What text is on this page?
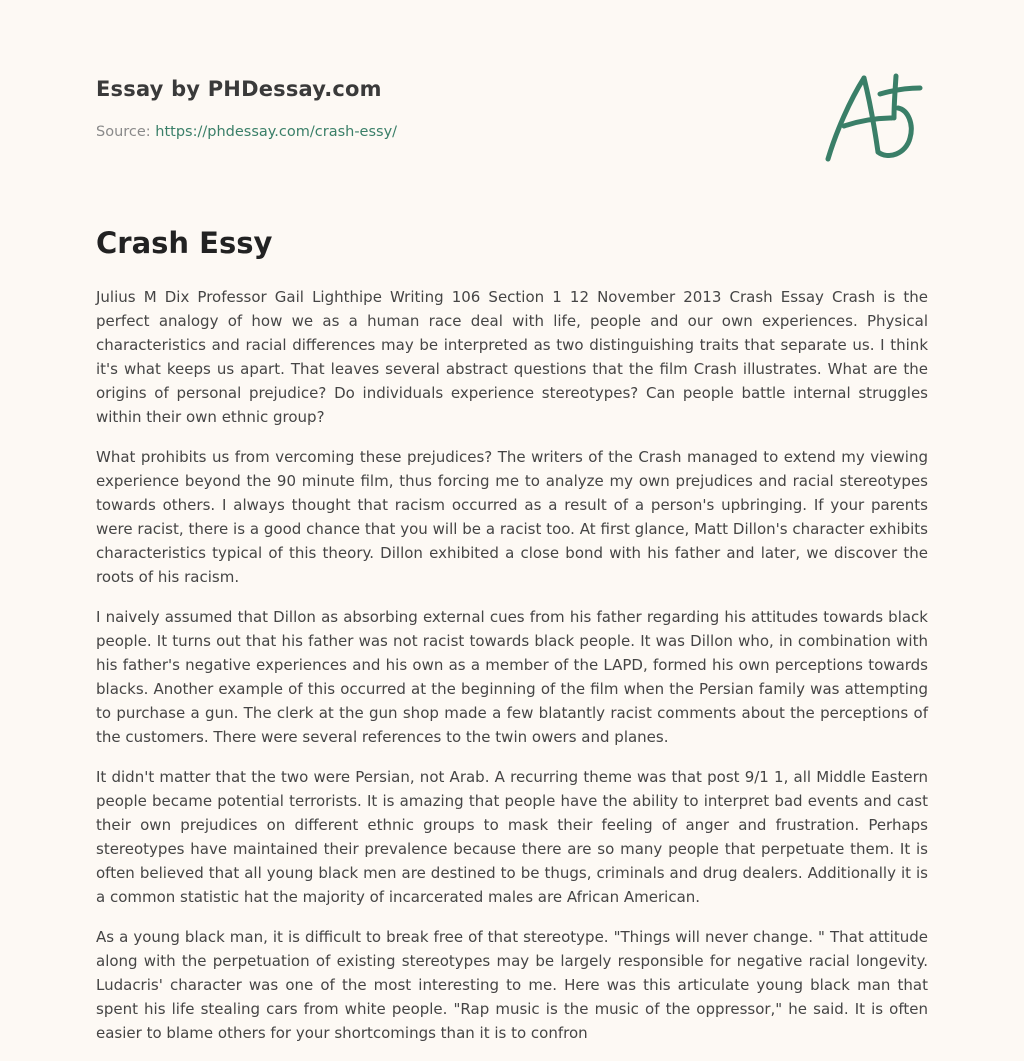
Essay by PHDessay.com
Source: https://phdessay.com/crash-essy/
Crash Essy

Julius M Dix Professor Gail Lighthipe Writing 106 Section 1 12 November 2013 Crash Essay Crash is the perfect analogy of how we as a human race deal with life, people and our own experiences. Physical characteristics and racial differences may be interpreted as two distinguishing traits that separate us. I think it's what keeps us apart. That leaves several abstract questions that the film Crash illustrates. What are the origins of personal prejudice? Do individuals experience stereotypes? Can people battle internal struggles within their own ethnic group?

What prohibits us from vercoming these prejudices? The writers of the Crash managed to extend my viewing experience beyond the 90 minute film, thus forcing me to analyze my own prejudices and racial stereotypes towards others. I always thought that racism occurred as a result of a person's upbringing. If your parents were racist, there is a good chance that you will be a racist too. At first glance, Matt Dillon's character exhibits characteristics typical of this theory. Dillon exhibited a close bond with his father and later, we discover the roots of his racism.

I naively assumed that Dillon as absorbing external cues from his father regarding his attitudes towards black people. It turns out that his father was not racist towards black people. It was Dillon who, in combination with his father's negative experiences and his own as a member of the LAPD, formed his own perceptions towards blacks. Another example of this occurred at the beginning of the film when the Persian family was attempting to purchase a gun. The clerk at the gun shop made a few blatantly racist comments about the perceptions of the customers. There were several references to the twin owers and planes.

It didn't matter that the two were Persian, not Arab. A recurring theme was that post 9/1 1, all Middle Eastern people became potential terrorists. It is amazing that people have the ability to interpret bad events and cast their own prejudices on different ethnic groups to mask their feeling of anger and frustration. Perhaps stereotypes have maintained their prevalence because there are so many people that perpetuate them. It is often believed that all young black men are destined to be thugs, criminals and drug dealers. Additionally it is a common statistic hat the majority of incarcerated males are African American.

As a young black man, it is difficult to break free of that stereotype. "Things will never change. " That attitude along with the perpetuation of existing stereotypes may be largely responsible for negative racial longevity. Ludacris' character was one of the most interesting to me. Here was this articulate young black man that spent his life stealing cars from white people. "Rap music is the music of the oppressor," he said. It is often easier to blame others for your shortcomings than it is to confron
